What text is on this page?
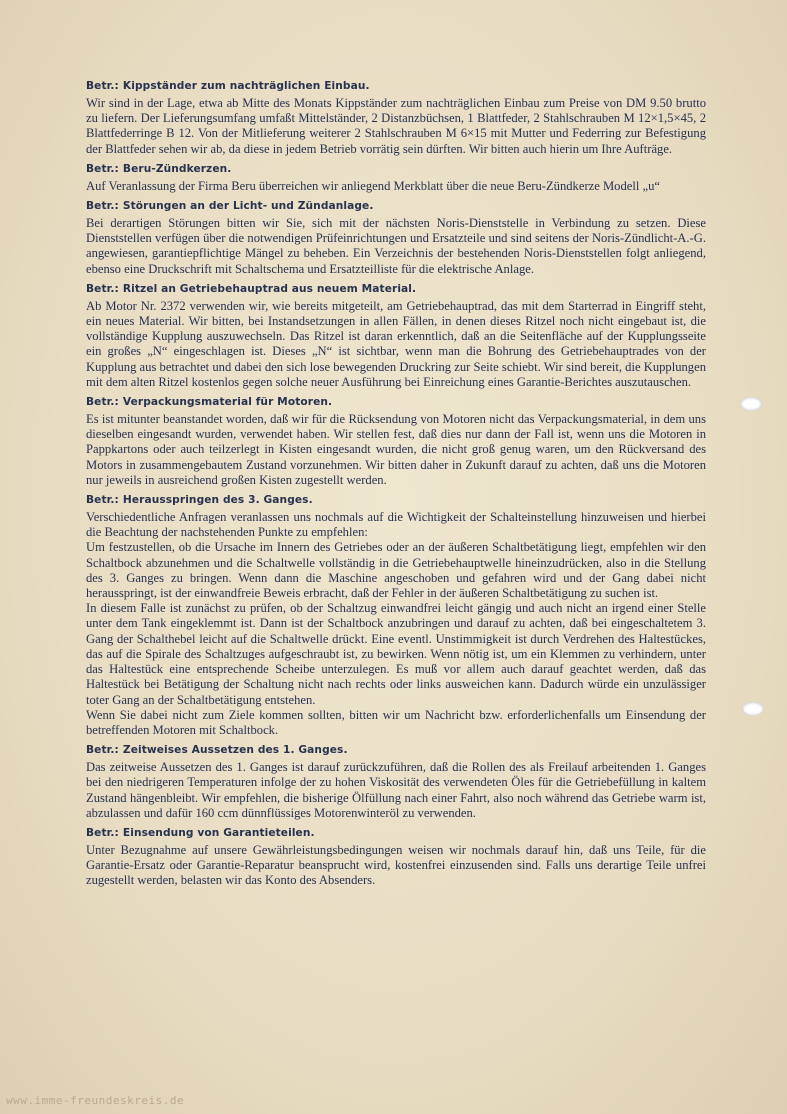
Betr.: Kippständer zum nachträglichen Einbau.

Wir sind in der Lage, etwa ab Mitte des Monats Kippständer zum nachträglichen Einbau zum Preise von DM 9.50 brutto zu liefern. Der Lieferungsumfang umfaßt Mittelständer, 2 Distanzbüchsen, 1 Blattfeder, 2 Stahlschrauben M 12×1,5×45, 2 Blattfederringe B 12. Von der Mitlieferung weiterer 2 Stahlschrauben M 6×15 mit Mutter und Federring zur Befestigung der Blattfeder sehen wir ab, da diese in jedem Betrieb vorrätig sein dürften. Wir bitten auch hierin um Ihre Aufträge.

Betr.: Beru-Zündkerzen.

Auf Veranlassung der Firma Beru überreichen wir anliegend Merkblatt über die neue Beru-Zündkerze Modell „u“

Betr.: Störungen an der Licht- und Zündanlage.

Bei derartigen Störungen bitten wir Sie, sich mit der nächsten Noris-Dienststelle in Verbindung zu setzen. Diese Dienststellen verfügen über die notwendigen Prüfeinrichtungen und Ersatzteile und sind seitens der Noris-Zündlicht-A.-G. angewiesen, garantiepflichtige Mängel zu beheben. Ein Verzeichnis der bestehenden Noris-Dienststellen folgt anliegend, ebenso eine Druckschrift mit Schaltschema und Ersatzteilliste für die elektrische Anlage.

Betr.: Ritzel an Getriebehauptrad aus neuem Material.

Ab Motor Nr. 2372 verwenden wir, wie bereits mitgeteilt, am Getriebehauptrad, das mit dem Starterrad in Eingriff steht, ein neues Material. Wir bitten, bei Instandsetzungen in allen Fällen, in denen dieses Ritzel noch nicht eingebaut ist, die vollständige Kupplung auszuwechseln. Das Ritzel ist daran erkenntlich, daß an die Seitenfläche auf der Kupplungsseite ein großes „N“ eingeschlagen ist. Dieses „N“ ist sichtbar, wenn man die Bohrung des Getriebehauptrades von der Kupplung aus betrachtet und dabei den sich lose bewegenden Druckring zur Seite schiebt. Wir sind bereit, die Kupplungen mit dem alten Ritzel kostenlos gegen solche neuer Ausführung bei Einreichung eines Garantie-Berichtes auszutauschen.

Betr.: Verpackungsmaterial für Motoren.

Es ist mitunter beanstandet worden, daß wir für die Rücksendung von Motoren nicht das Verpackungsmaterial, in dem uns dieselben eingesandt wurden, verwendet haben. Wir stellen fest, daß dies nur dann der Fall ist, wenn uns die Motoren in Pappkartons oder auch teilzerlegt in Kisten eingesandt wurden, die nicht groß genug waren, um den Rückversand des Motors in zusammengebautem Zustand vorzunehmen. Wir bitten daher in Zukunft darauf zu achten, daß uns die Motoren nur jeweils in ausreichend großen Kisten zugestellt werden.

Betr.: Herausspringen des 3. Ganges.

Verschiedentliche Anfragen veranlassen uns nochmals auf die Wichtigkeit der Schalteinstellung hinzuweisen und hierbei die Beachtung der nachstehenden Punkte zu empfehlen:

Um festzustellen, ob die Ursache im Innern des Getriebes oder an der äußeren Schaltbetätigung liegt, empfehlen wir den Schaltbock abzunehmen und die Schaltwelle vollständig in die Getriebehauptwelle hineinzudrücken, also in die Stellung des 3. Ganges zu bringen. Wenn dann die Maschine angeschoben und gefahren wird und der Gang dabei nicht herausspringt, ist der einwandfreie Beweis erbracht, daß der Fehler in der äußeren Schaltbetätigung zu suchen ist.

In diesem Falle ist zunächst zu prüfen, ob der Schaltzug einwandfrei leicht gängig und auch nicht an irgend einer Stelle unter dem Tank eingeklemmt ist. Dann ist der Schaltbock anzubringen und darauf zu achten, daß bei eingeschaltetem 3. Gang der Schalthebel leicht auf die Schaltwelle drückt. Eine eventl. Unstimmigkeit ist durch Verdrehen des Haltestückes, das auf die Spirale des Schaltzuges aufgeschraubt ist, zu bewirken. Wenn nötig ist, um ein Klemmen zu verhindern, unter das Haltestück eine entsprechende Scheibe unterzulegen. Es muß vor allem auch darauf geachtet werden, daß das Haltestück bei Betätigung der Schaltung nicht nach rechts oder links ausweichen kann. Dadurch würde ein unzulässiger toter Gang an der Schaltbetätigung entstehen.

Wenn Sie dabei nicht zum Ziele kommen sollten, bitten wir um Nachricht bzw. erforderlichenfalls um Einsendung der betreffenden Motoren mit Schaltbock.

Betr.: Zeitweises Aussetzen des 1. Ganges.

Das zeitweise Aussetzen des 1. Ganges ist darauf zurückzuführen, daß die Rollen des als Freilauf arbeitenden 1. Ganges bei den niedrigeren Temperaturen infolge der zu hohen Viskosität des verwendeten Öles für die Getriebefüllung in kaltem Zustand hängenbleibt. Wir empfehlen, die bisherige Ölfüllung nach einer Fahrt, also noch während das Getriebe warm ist, abzulassen und dafür 160 ccm dünnflüssiges Motorenwinteröl zu verwenden.

Betr.: Einsendung von Garantieteilen.

Unter Bezugnahme auf unsere Gewährleistungsbedingungen weisen wir nochmals darauf hin, daß uns Teile, für die Garantie-Ersatz oder Garantie-Reparatur beansprucht wird, kostenfrei einzusenden sind. Falls uns derartige Teile unfrei zugestellt werden, belasten wir das Konto des Absenders.

www.imme-freundeskreis.de
